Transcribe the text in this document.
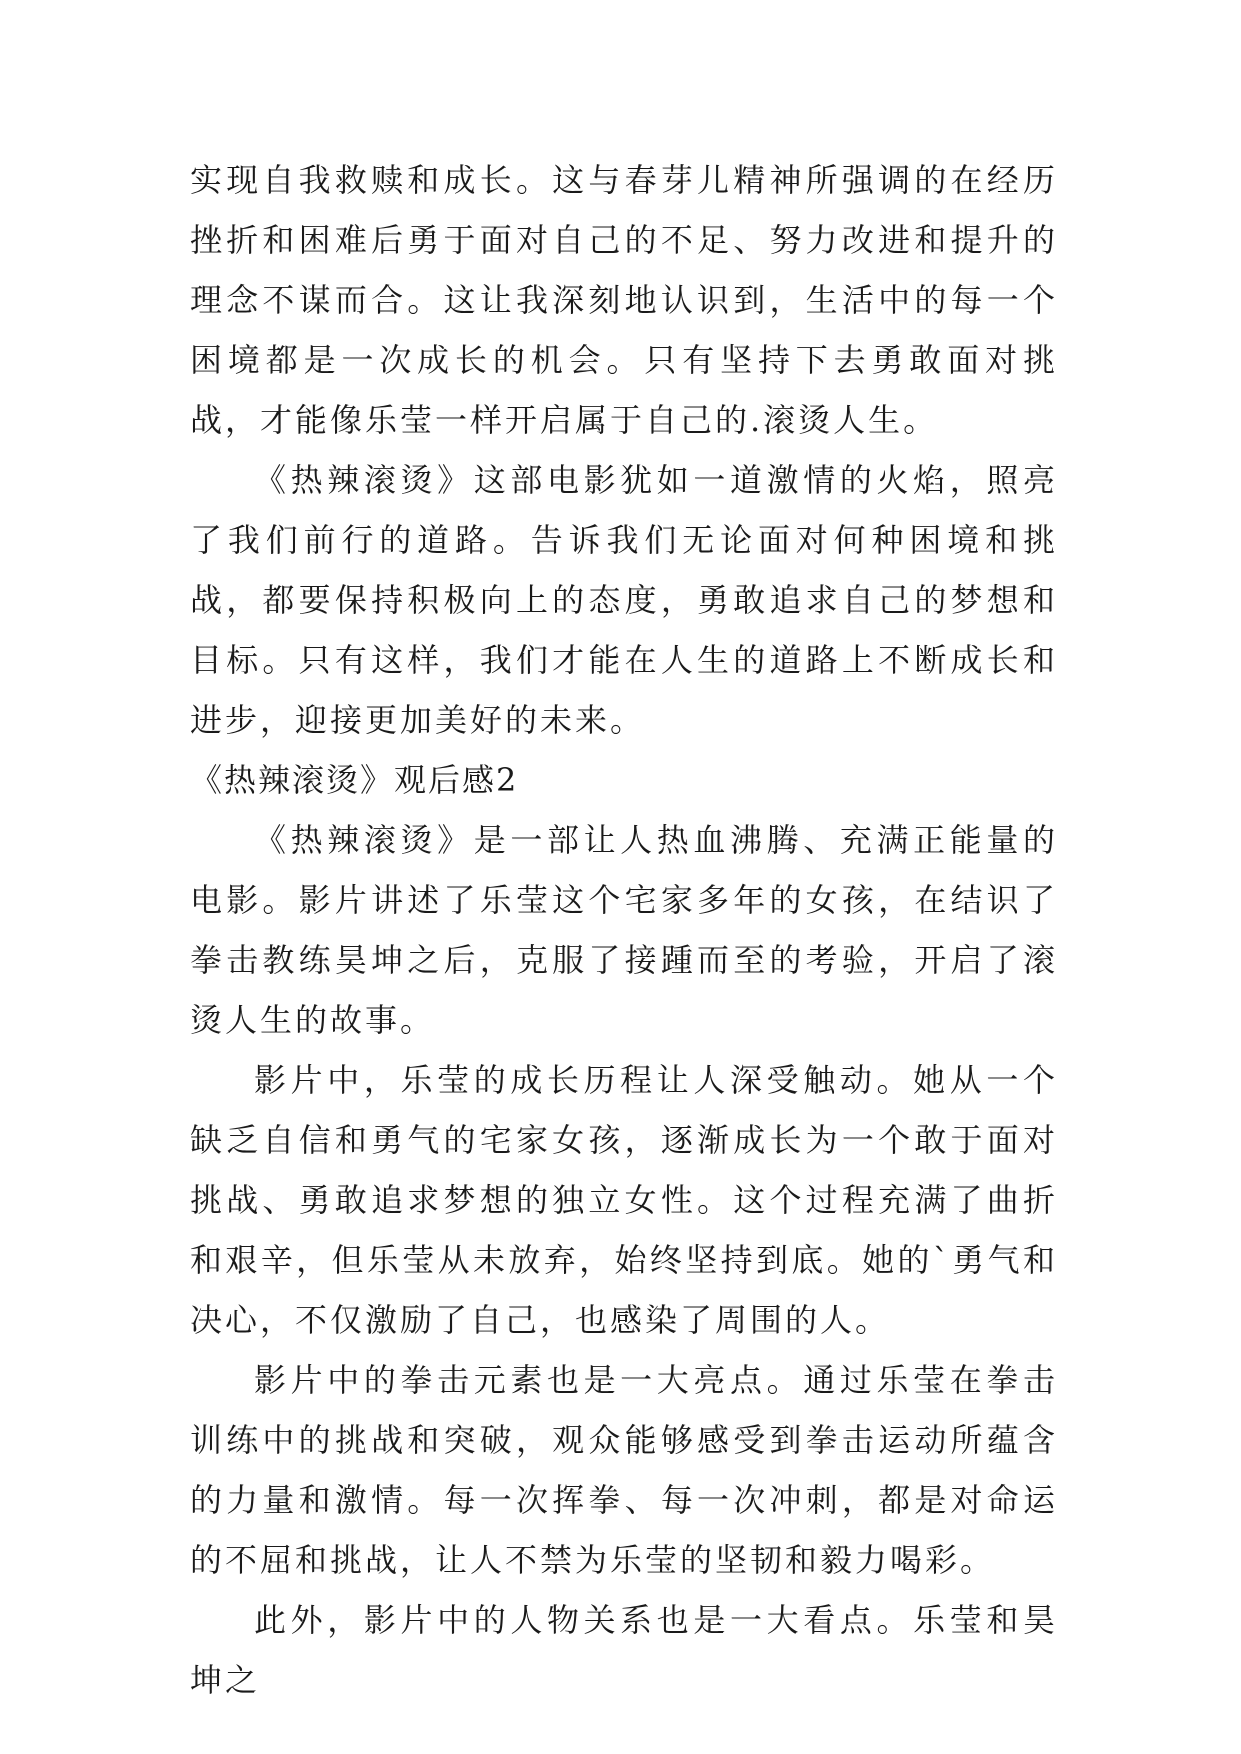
实现自我救赎和成长。这与春芽儿精神所强调的在经历挫折和困难后勇于面对自己的不足、努力改进和提升的理念不谋而合。这让我深刻地认识到，生活中的每一个困境都是一次成长的机会。只有坚持下去勇敢面对挑战，才能像乐莹一样开启属于自己的.滚烫人生。

《热辣滚烫》这部电影犹如一道激情的火焰，照亮了我们前行的道路。告诉我们无论面对何种困境和挑战，都要保持积极向上的态度，勇敢追求自己的梦想和目标。只有这样，我们才能在人生的道路上不断成长和进步，迎接更加美好的未来。

《热辣滚烫》观后感2

《热辣滚烫》是一部让人热血沸腾、充满正能量的电影。影片讲述了乐莹这个宅家多年的女孩，在结识了拳击教练昊坤之后，克服了接踵而至的考验，开启了滚烫人生的故事。

影片中，乐莹的成长历程让人深受触动。她从一个缺乏自信和勇气的宅家女孩，逐渐成长为一个敢于面对挑战、勇敢追求梦想的独立女性。这个过程充满了曲折和艰辛，但乐莹从未放弃，始终坚持到底。她的`勇气和决心，不仅激励了自己，也感染了周围的人。

影片中的拳击元素也是一大亮点。通过乐莹在拳击训练中的挑战和突破，观众能够感受到拳击运动所蕴含的力量和激情。每一次挥拳、每一次冲刺，都是对命运的不屈和挑战，让人不禁为乐莹的坚韧和毅力喝彩。

此外，影片中的人物关系也是一大看点。乐莹和昊坤之
